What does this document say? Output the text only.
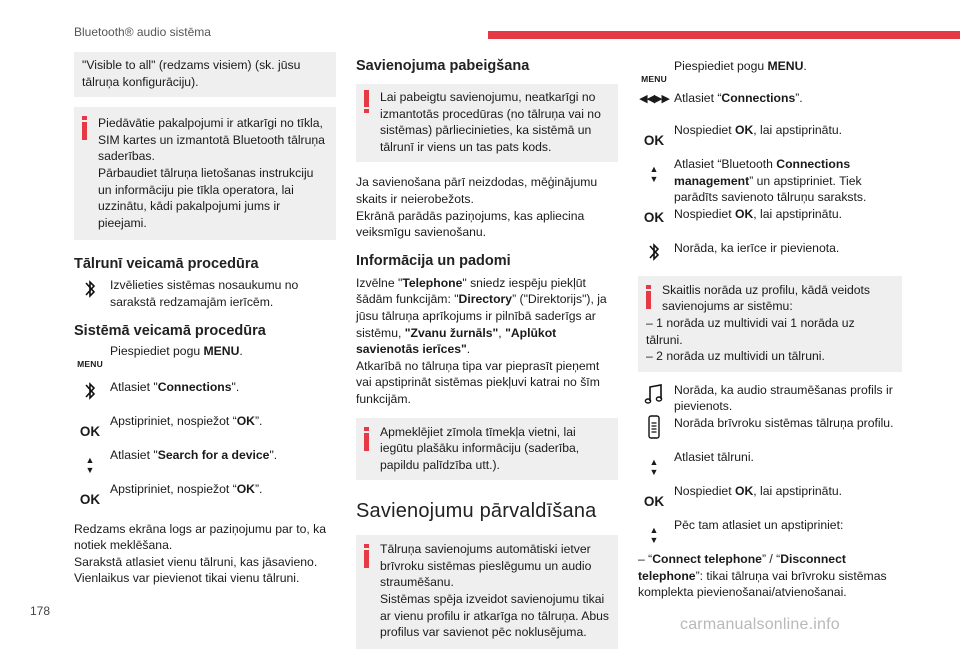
Bluetooth® audio sistēma
"Visible to all" (redzams visiem) (sk. jūsu tālruņa konfigurāciju).
Piedāvātie pakalpojumi ir atkarīgi no tīkla, SIM kartes un izmantotā Bluetooth tālruņa saderības.
Pārbaudiet tālruņa lietošanas instrukciju un informāciju pie tīkla operatora, lai uzzinātu, kādi pakalpojumi jums ir pieejami.
Tālrunī veicamā procedūra
Izvēlieties sistēmas nosaukumu no sarakstā redzamajām ierīcēm.
Sistēmā veicamā procedūra
MENU
Piespiediet pogu MENU.
Atlasiet "Connections".
OK
Apstipriniet, nospiežot “OK”.
▲
▼
Atlasiet "Search for a device".
OK
Apstipriniet, nospiežot “OK”.

Redzams ekrāna logs ar paziņojumu par to, ka notiek meklēšana.

Sarakstā atlasiet vienu tālruni, kas jāsavieno.

Vienlaikus var pievienot tikai vienu tālruni.

Savienojuma pabeigšana
Lai pabeigtu savienojumu, neatkarīgi no izmantotās procedūras (no tālruņa vai no sistēmas) pārliecinieties, ka sistēmā un tālrunī ir viens un tas pats kods.

Ja savienošana pārī neizdodas, mēģinājumu skaits ir neierobežots.

Ekrānā parādās paziņojums, kas apliecina veiksmīgu savienošanu.

Informācija un padomi

Izvēlne "Telephone" sniedz iespēju piekļūt šādām funkcijām: "Directory” ("Direktorijs"), ja jūsu tālruņa aprīkojums ir pilnībā saderīgs ar sistēmu, "Zvanu žurnāls", "Aplūkot savienotās ierīces".

Atkarībā no tālruņa tipa var pieprasīt pieņemt vai apstiprināt sistēmas piekļuvi katrai no šīm funkcijām.

Apmeklējiet zīmola tīmekļa vietni, lai iegūtu plašāku informāciju (saderība, papildu palīdzība utt.).
Savienojumu pārvaldīšana
Tālruņa savienojums automātiski ietver brīvroku sistēmas pieslēgumu un audio straumēšanu.
Sistēmas spēja izveidot savienojumu tikai ar vienu profilu ir atkarīga no tālruņa. Abus profilus var savienot pēc noklusējuma.
MENU
Piespiediet pogu MENU.
◀◀▶▶ Atlasiet “Connections”.
OK
Nospiediet OK, lai apstiprinātu.
▲
▼
Atlasiet “Bluetooth Connections management” un apstipriniet. Tiek parādīts savienoto tālruņu saraksts.
OK Nospiediet OK, lai apstiprinātu.
Norāda, ka ierīce ir pievienota.
Skaitlis norāda uz profilu, kādā veidots savienojums ar sistēmu:
– 1 norāda uz multividi vai 1 norāda uz tālruni.
– 2 norāda uz multividi un tālruni.
Norāda, ka audio straumēšanas profils ir pievienots.
Norāda brīvroku sistēmas tālruņa profilu.
▲
▼
Atlasiet tālruni.
OK
Nospiediet OK, lai apstiprinātu.
▲
▼
Pēc tam atlasiet un apstipriniet:

– “Connect telephone” / “Disconnect telephone”: tikai tālruņa vai brīvroku sistēmas komplekta pievienošanai/atvienošanai.

178
carmanualsonline.info
